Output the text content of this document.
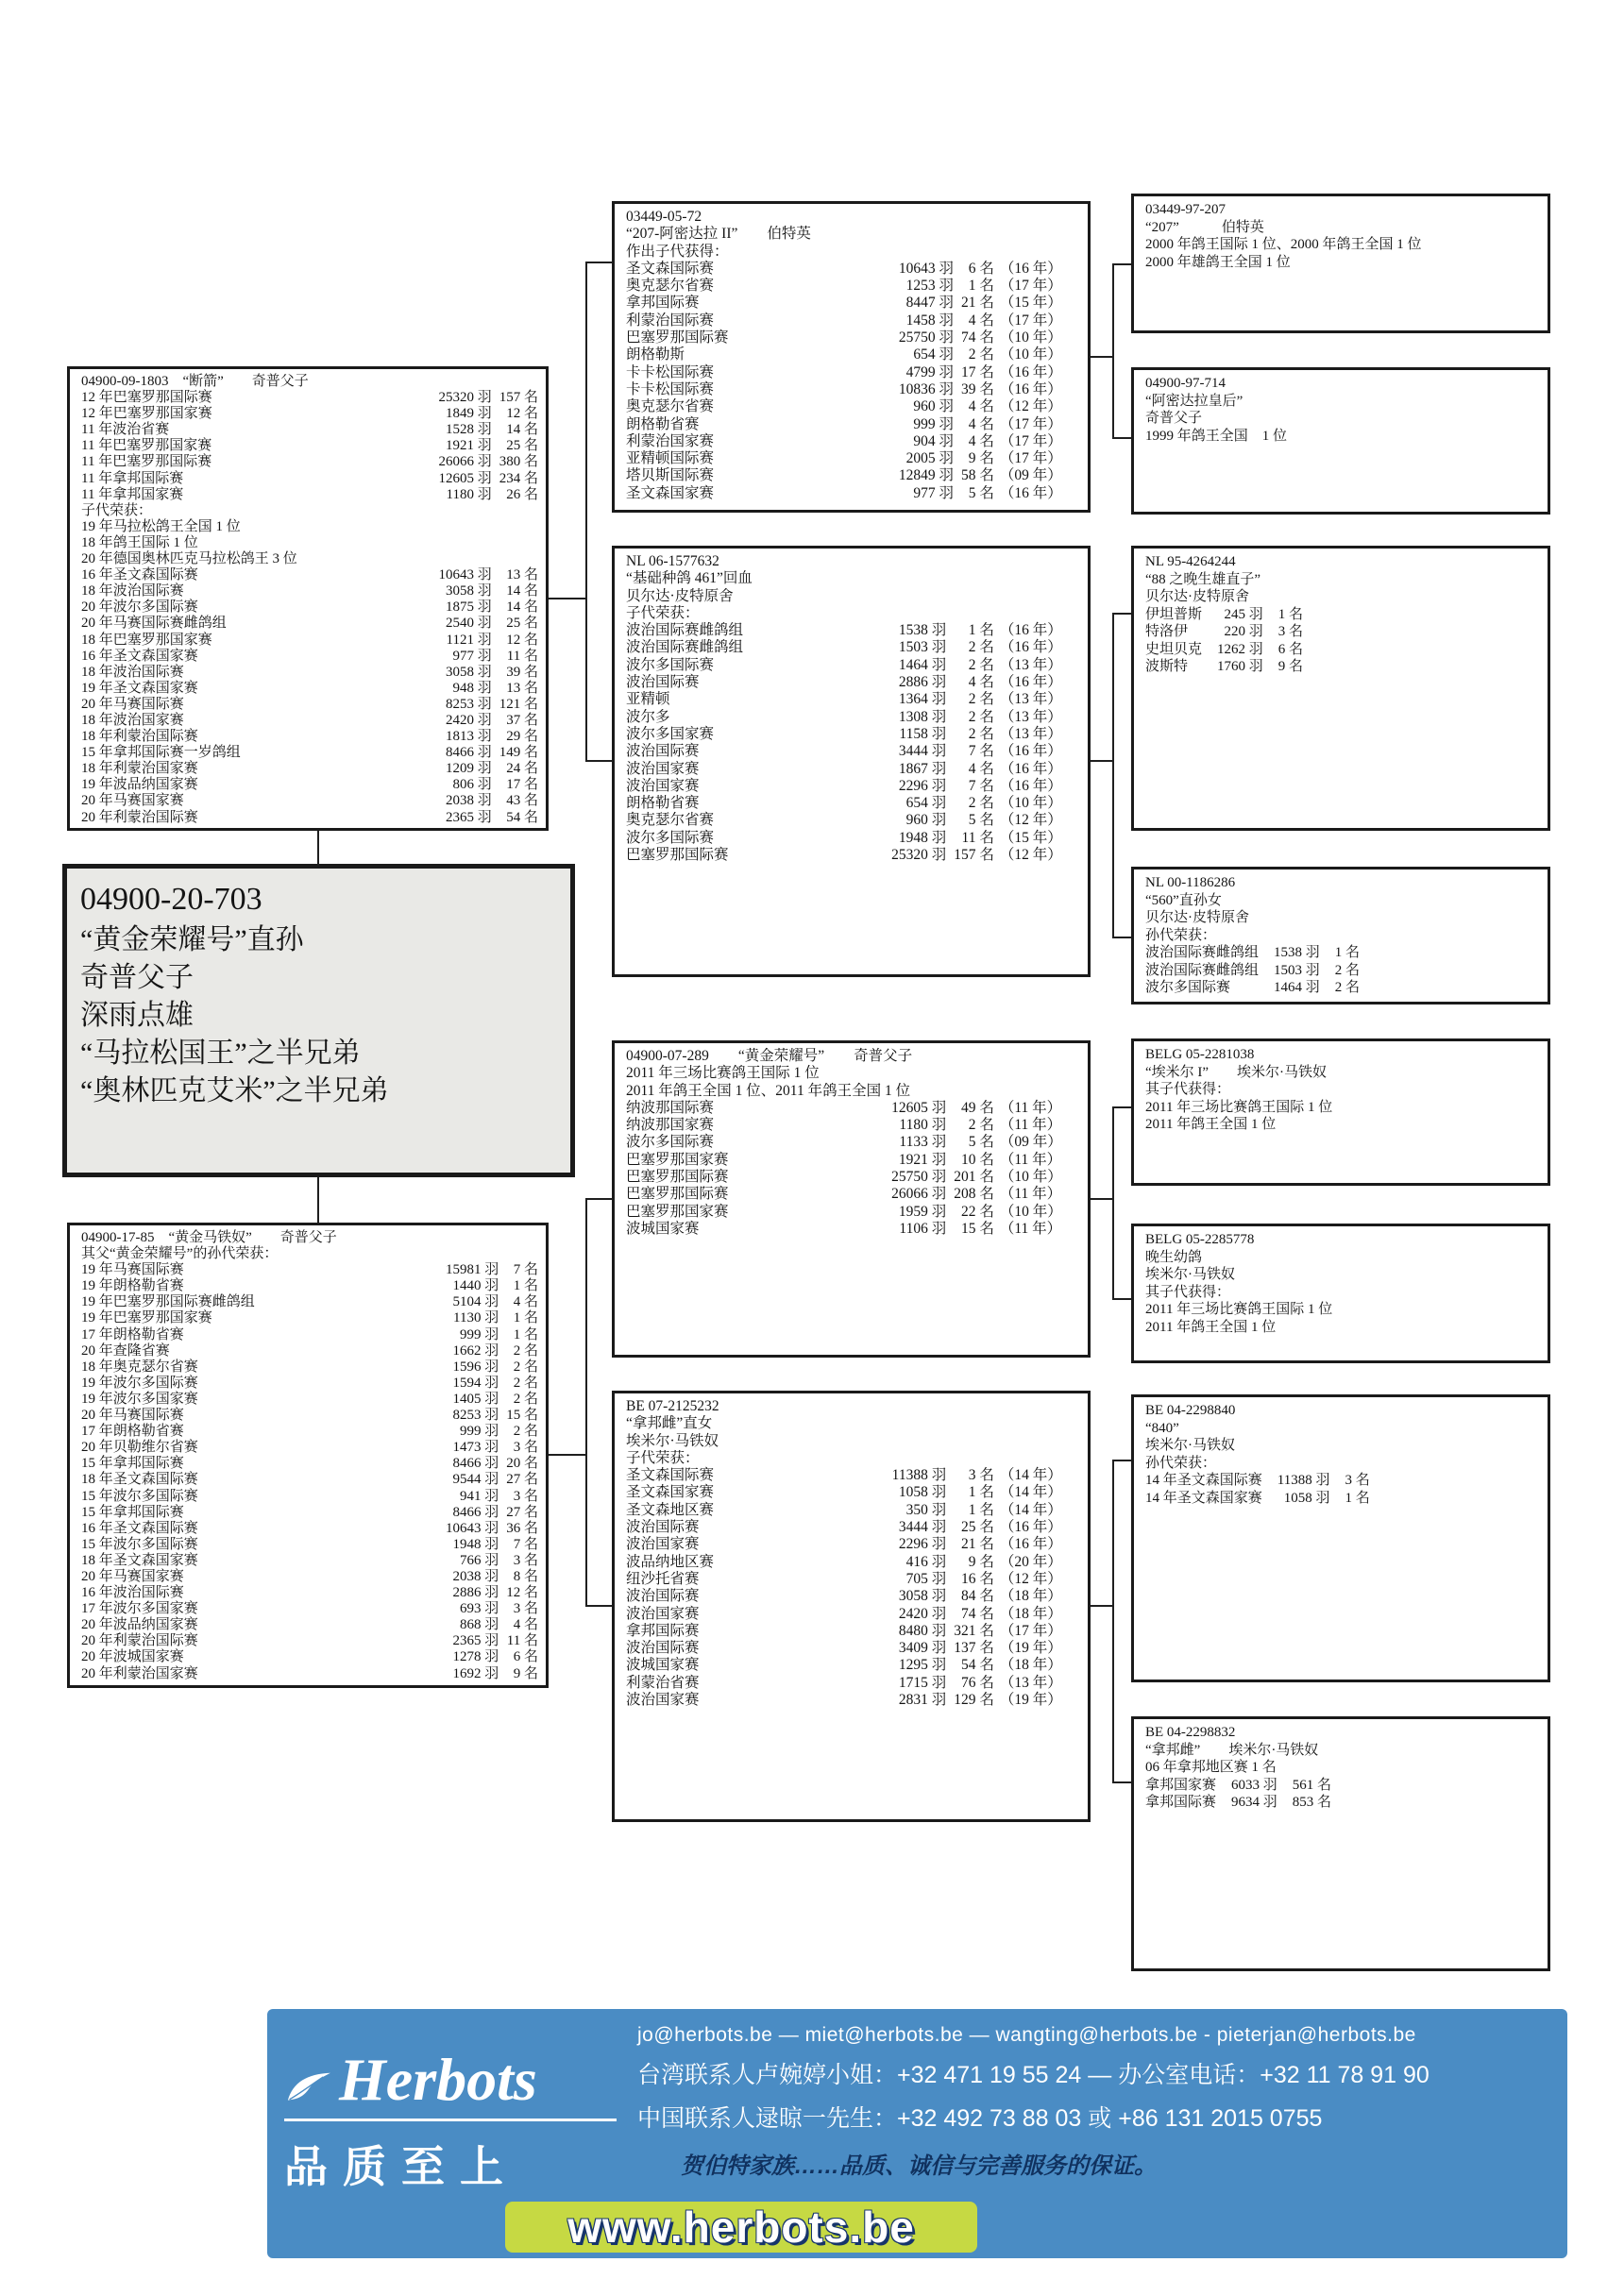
04900-09-1803　“断箭”　　奇普父子
12 年巴塞罗那国际赛	25320 羽	157 名
12 年巴塞罗那国家赛	1849 羽	12 名
11 年波治省赛	1528 羽	14 名
11 年巴塞罗那国家赛	1921 羽	25 名
11 年巴塞罗那国际赛	26066 羽	380 名
11 年拿邦国际赛	12605 羽	234 名
11 年拿邦国家赛	1180 羽	26 名
子代荣获：
19 年马拉松鸽王全国 1 位
18 年鸽王国际 1 位
20 年德国奥林匹克马拉松鸽王 3 位
16 年圣文森国际赛	10643 羽	13 名
18 年波治国际赛	3058 羽	14 名
20 年波尔多国际赛	1875 羽	14 名
20 年马赛国际赛雌鸽组	2540 羽	25 名
18 年巴塞罗那国家赛	1121 羽	12 名
16 年圣文森国家赛	977 羽	11 名
18 年波治国际赛	3058 羽	39 名
19 年圣文森国家赛	948 羽	13 名
20 年马赛国际赛	8253 羽	121 名
18 年波治国家赛	2420 羽	37 名
18 年利蒙治国际赛	1813 羽	29 名
15 年拿邦国际赛一岁鸽组	8466 羽	149 名
18 年利蒙治国家赛	1209 羽	24 名
19 年波品纳国家赛	806 羽	17 名
20 年马赛国家赛	2038 羽	43 名
20 年利蒙治国际赛	2365 羽	54 名
04900-20-703
“黄金荣耀号”直孙
奇普父子
深雨点雄
“马拉松国王”之半兄弟
“奥林匹克艾米”之半兄弟
04900-17-85　“黄金马铁奴”　　奇普父子
其父“黄金荣耀号”的孙代荣获：
19 年马赛国际赛	15981 羽	7 名
19 年朗格勒省赛	1440 羽	1 名
19 年巴塞罗那国际赛雌鸽组	5104 羽	4 名
19 年巴塞罗那国家赛	1130 羽	1 名
17 年朗格勒省赛	999 羽	1 名
20 年查隆省赛	1662 羽	2 名
18 年奥克瑟尔省赛	1596 羽	2 名
19 年波尔多国际赛	1594 羽	2 名
19 年波尔多国家赛	1405 羽	2 名
20 年马赛国际赛	8253 羽	15 名
17 年朗格勒省赛	999 羽	2 名
20 年贝勒维尔省赛	1473 羽	3 名
15 年拿邦国际赛	8466 羽	20 名
18 年圣文森国际赛	9544 羽	27 名
15 年波尔多国际赛	941 羽	3 名
15 年拿邦国际赛	8466 羽	27 名
16 年圣文森国际赛	10643 羽	36 名
15 年波尔多国际赛	1948 羽	7 名
18 年圣文森国家赛	766 羽	3 名
20 年马赛国家赛	2038 羽	8 名
16 年波治国际赛	2886 羽	12 名
17 年波尔多国家赛	693 羽	3 名
20 年波品纳国家赛	868 羽	4 名
20 年利蒙治国际赛	2365 羽	11 名
20 年波城国家赛	1278 羽	6 名
20 年利蒙治国家赛	1692 羽	9 名
03449-05-72
“207-阿密达拉 II”　　伯特英
作出子代获得：
圣文森国际赛	10643 羽	6 名	（16 年）
奥克瑟尔省赛	1253 羽	1 名	（17 年）
拿邦国际赛	8447 羽	21 名	（15 年）
利蒙治国际赛	1458 羽	4 名	（17 年）
巴塞罗那国际赛	25750 羽	74 名	（10 年）
朗格勒斯	654 羽	2 名	（10 年）
卡卡松国际赛	4799 羽	17 名	（16 年）
卡卡松国际赛	10836 羽	39 名	（16 年）
奥克瑟尔省赛	960 羽	4 名	（12 年）
朗格勒省赛	999 羽	4 名	（17 年）
利蒙治国家赛	904 羽	4 名	（17 年）
亚精顿国际赛	2005 羽	9 名	（17 年）
塔贝斯国际赛	12849 羽	58 名	（09 年）
圣文森国家赛	977 羽	5 名	（16 年）
NL 06-1577632
“基础种鸽 461”回血
贝尔达·皮特原舍
子代荣获：
波治国际赛雌鸽组	1538 羽	1 名	（16 年）
波治国际赛雌鸽组	1503 羽	2 名	（16 年）
波尔多国际赛	1464 羽	2 名	（13 年）
波治国际赛	2886 羽	4 名	（16 年）
亚精顿	1364 羽	2 名	（13 年）
波尔多	1308 羽	2 名	（13 年）
波尔多国家赛	1158 羽	2 名	（13 年）
波治国际赛	3444 羽	7 名	（16 年）
波治国家赛	1867 羽	4 名	（16 年）
波治国家赛	2296 羽	7 名	（16 年）
朗格勒省赛	654 羽	2 名	（10 年）
奥克瑟尔省赛	960 羽	5 名	（12 年）
波尔多国际赛	1948 羽	11 名	（15 年）
巴塞罗那国际赛	25320 羽	157 名	（12 年）
04900-07-289　　“黄金荣耀号”　　奇普父子
2011 年三场比赛鸽王国际 1 位
2011 年鸽王全国 1 位、2011 年鸽王全国 1 位
纳波那国际赛	12605 羽	49 名	（11 年）
纳波那国家赛	1180 羽	2 名	（11 年）
波尔多国际赛	1133 羽	5 名	（09 年）
巴塞罗那国家赛	1921 羽	10 名	（11 年）
巴塞罗那国际赛	25750 羽	201 名	（10 年）
巴塞罗那国际赛	26066 羽	208 名	（11 年）
巴塞罗那国家赛	1959 羽	22 名	（10 年）
波城国家赛	1106 羽	15 名	（11 年）
BE 07-2125232
“拿邦雌”直女
埃米尔·马铁奴
子代荣获：
圣文森国际赛	11388 羽	3 名	（14 年）
圣文森国家赛	1058 羽	1 名	（14 年）
圣文森地区赛	350 羽	1 名	（14 年）
波治国际赛	3444 羽	25 名	（16 年）
波治国家赛	2296 羽	21 名	（16 年）
波品纳地区赛	416 羽	9 名	（20 年）
纽沙托省赛	705 羽	16 名	（12 年）
波治国际赛	3058 羽	84 名	（18 年）
波治国家赛	2420 羽	74 名	（18 年）
拿邦国际赛	8480 羽	321 名	（17 年）
波治国际赛	3409 羽	137 名	（19 年）
波城国家赛	1295 羽	54 名	（18 年）
利蒙治省赛	1715 羽	76 名	（13 年）
波治国家赛	2831 羽	129 名	（19 年）
03449-97-207
“207”　　　伯特英
2000 年鸽王国际 1 位、2000 年鸽王全国 1 位
2000 年雄鸽王全国 1 位
04900-97-714
“阿密达拉皇后”
奇普父子
1999 年鸽王全国　1 位
NL 95-4264244
“88 之晚生雄直子”
贝尔达·皮特原舍
伊坦普斯	245 羽	1 名
特洛伊	220 羽	3 名
史坦贝克	1262 羽	6 名
波斯特	1760 羽	9 名
NL 00-1186286
“560”直孙女
贝尔达·皮特原舍
孙代荣获：
波治国际赛雌鸽组	1538 羽	1 名
波治国际赛雌鸽组	1503 羽	2 名
波尔多国际赛	1464 羽	2 名
BELG 05-2281038
“埃米尔 I”　　埃米尔·马铁奴
其子代获得：
2011 年三场比赛鸽王国际 1 位
2011 年鸽王全国 1 位
BELG 05-2285778
晚生幼鸽
埃米尔·马铁奴
其子代获得：
2011 年三场比赛鸽王国际 1 位
2011 年鸽王全国 1 位
BE 04-2298840
“840”
埃米尔·马铁奴
孙代荣获：
14 年圣文森国际赛	11388 羽	3 名
14 年圣文森国家赛	1058 羽	1 名
BE 04-2298832
“拿邦雌”　　埃米尔·马铁奴
06 年拿邦地区赛 1 名
拿邦国家赛	6033 羽	561 名
拿邦国际赛	9634 羽	853 名
Herbots
品质至上
jo@herbots.be — miet@herbots.be — wangting@herbots.be - pieterjan@herbots.be
台湾联系人卢婉婷小姐：+32 471 19 55 24 — 办公室电话：+32 11 78 91 90
中国联系人逯晾一先生：+32 492 73 88 03 或 +86 131 2015 0755
贺伯特家族……品质、诚信与完善服务的保证。
www.herbots.be
